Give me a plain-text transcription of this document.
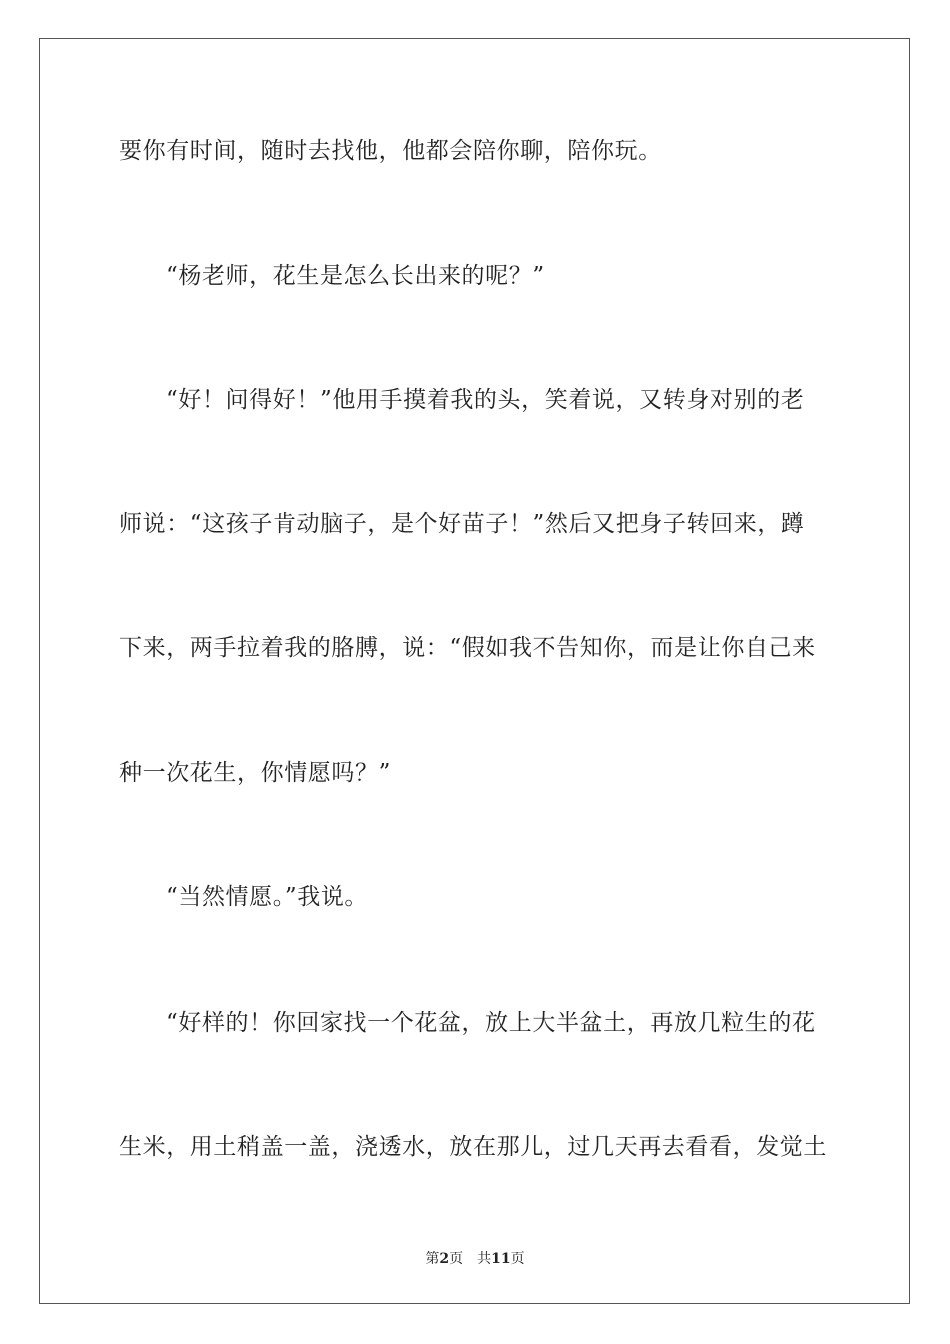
要你有时间，随时去找他，他都会陪你聊，陪你玩。

“杨老师，花生是怎么长出来的呢？”

“好！问得好！”他用手摸着我的头，笑着说，又转身对别的老

师说：“这孩子肯动脑子，是个好苗子！”然后又把身子转回来，蹲

下来，两手拉着我的胳膊，说：“假如我不告知你，而是让你自己来

种一次花生，你情愿吗？”

“当然情愿。”我说。

“好样的！你回家找一个花盆，放上大半盆土，再放几粒生的花

生米，用土稍盖一盖，浇透水，放在那儿，过几天再去看看，发觉土

第2页 共11页
